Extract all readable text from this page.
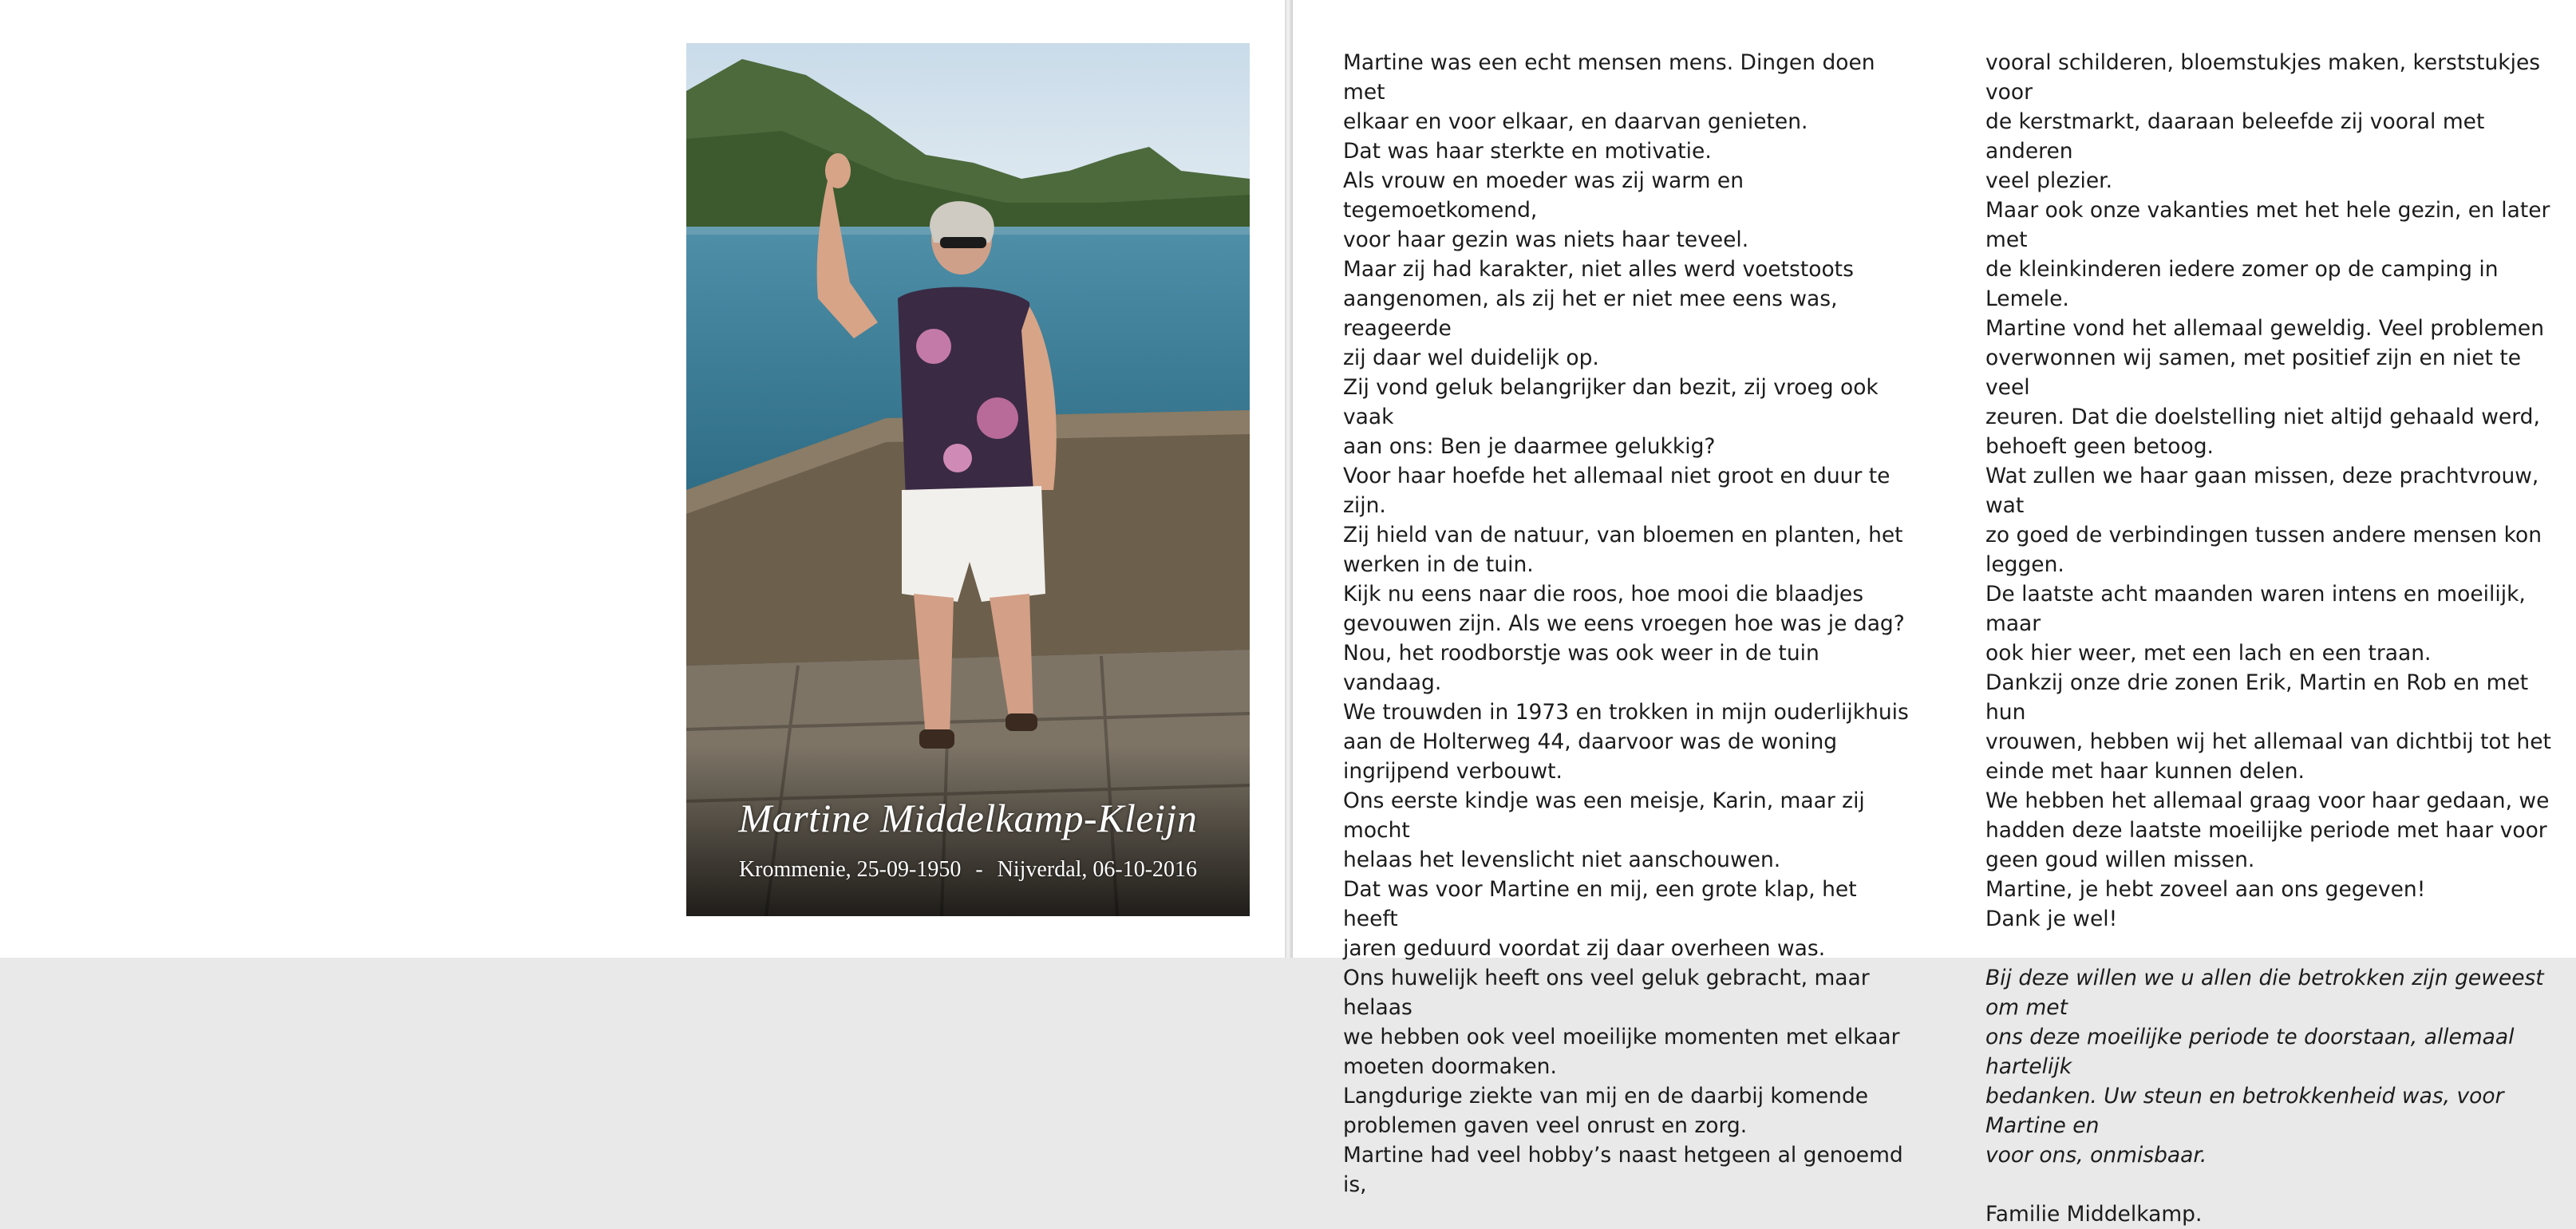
Martine Middelkamp-Kleijn
Krommenie, 25-09-1950 - Nijverdal, 06-10-2016

Martine was een echt mensen mens. Dingen doen met

elkaar en voor elkaar, en daarvan genieten.

Dat was haar sterkte en motivatie.

Als vrouw en moeder was zij warm en tegemoetkomend,

voor haar gezin was niets haar teveel.

Maar zij had karakter, niet alles werd voetstoots

aangenomen, als zij het er niet mee eens was, reageerde

zij daar wel duidelijk op.

Zij vond geluk belangrijker dan bezit, zij vroeg ook vaak

aan ons: Ben je daarmee gelukkig?

Voor haar hoefde het allemaal niet groot en duur te zijn.

Zij hield van de natuur, van bloemen en planten, het

werken in de tuin.

Kijk nu eens naar die roos, hoe mooi die blaadjes

gevouwen zijn. Als we eens vroegen hoe was je dag?

Nou, het roodborstje was ook weer in de tuin vandaag.

We trouwden in 1973 en trokken in mijn ouderlijkhuis

aan de Holterweg 44, daarvoor was de woning

ingrijpend verbouwt.

Ons eerste kindje was een meisje, Karin, maar zij mocht

helaas het levenslicht niet aanschouwen.

Dat was voor Martine en mij, een grote klap, het heeft

jaren geduurd voordat zij daar overheen was.

Ons huwelijk heeft ons veel geluk gebracht, maar helaas

we hebben ook veel moeilijke momenten met elkaar

moeten doormaken.

Langdurige ziekte van mij en de daarbij komende

problemen gaven veel onrust en zorg.

Martine had veel hobby’s naast hetgeen al genoemd is,

vooral schilderen, bloemstukjes maken, kerststukjes voor

de kerstmarkt, daaraan beleefde zij vooral met anderen

veel plezier.

Maar ook onze vakanties met het hele gezin, en later met

de kleinkinderen iedere zomer op de camping in Lemele.

Martine vond het allemaal geweldig. Veel problemen

overwonnen wij samen, met positief zijn en niet te veel

zeuren. Dat die doelstelling niet altijd gehaald werd,

behoeft geen betoog.

Wat zullen we haar gaan missen, deze prachtvrouw, wat

zo goed de verbindingen tussen andere mensen kon

leggen.

De laatste acht maanden waren intens en moeilijk, maar

ook hier weer, met een lach en een traan.

Dankzij onze drie zonen Erik, Martin en Rob en met hun

vrouwen, hebben wij het allemaal van dichtbij tot het

einde met haar kunnen delen.

We hebben het allemaal graag voor haar gedaan, we

hadden deze laatste moeilijke periode met haar voor

geen goud willen missen.

Martine, je hebt zoveel aan ons gegeven!

Dank je wel!

Bij deze willen we u allen die betrokken zijn geweest om met

ons deze moeilijke periode te doorstaan, allemaal hartelijk

bedanken. Uw steun en betrokkenheid was, voor Martine en

voor ons, onmisbaar.

Familie Middelkamp.
